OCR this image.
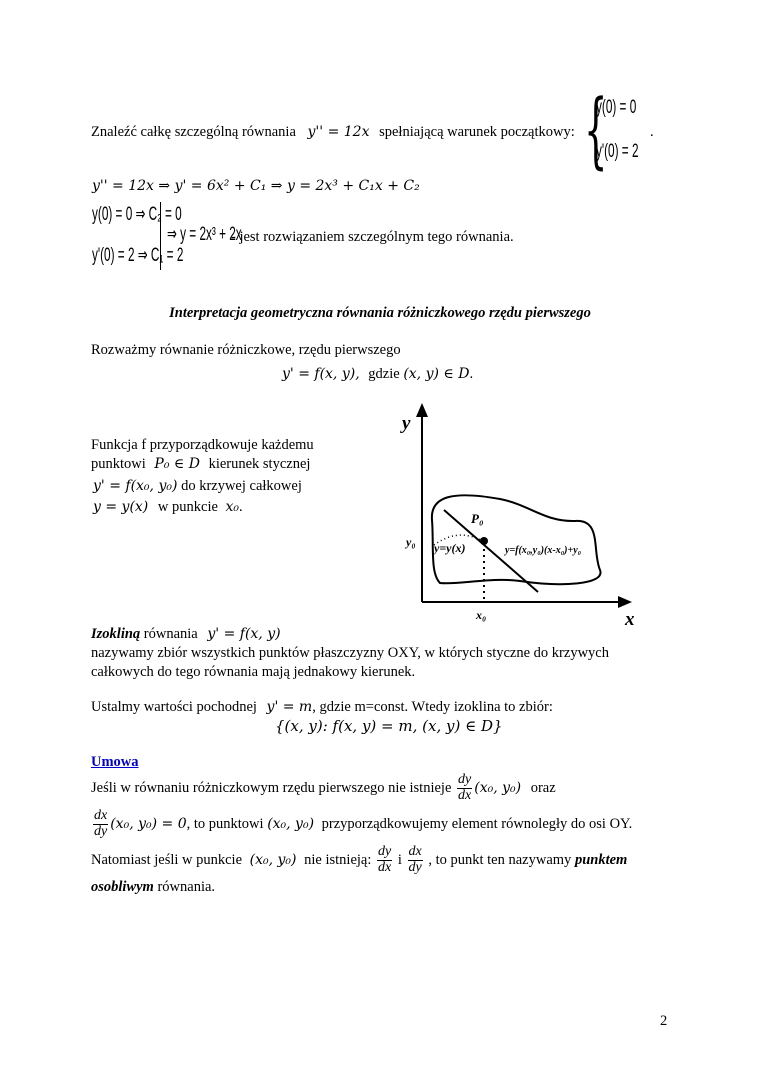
Znaleźć całkę szczególną równania y'' = 12x spełniającą warunek początkowy: {
y(0) = 0
y'(0) = 2
.
y'' = 12x ⇒ y' = 6x² + C₁ ⇒ y = 2x³ + C₁x + C₂
y(0) = 0 ⇒ C₂ = 0
y'(0) = 2 ⇒ C₁ = 2
⇒ y = 2x³ + 2x
- jest rozwiązaniem szczególnym tego równania.
Interpretacja geometryczna równania różniczkowego rzędu pierwszego
Rozważmy równanie różniczkowe, rzędu pierwszego
y' = f(x, y), gdzie (x, y) ∈ D.
Funkcja f przyporządkowuje każdemu
punktowi P₀ ∈ D kierunek stycznej
y' = f(x₀, y₀) do krzywej całkowej
y = y(x) w punkcie x₀.
y
x
P₀
y₀
x₀
y=y(x)	y=f(x₀,y₀)(x-x₀)+y₀
Izokliną równania y' = f(x, y)
nazywamy zbiór wszystkich punktów płaszczyzny OXY, w których styczne do krzywych
całkowych do tego równania mają jednakowy kierunek.
Ustalmy wartości pochodnej y' = m, gdzie m=const. Wtedy izoklina to zbiór:
{(x, y): f(x, y) = m, (x, y) ∈ D}
Umowa
Jeśli w równaniu różniczkowym rzędu pierwszego nie istnieje $\frac{dy}{dx} (x_0$, y₀) oraz
$\frac{dx}{dy} (x_0$, y₀) = 0, to punktowi (x₀, y₀) przyporządkowujemy element równoległy do osi OY.
Natomiast jeśli w punkcie (x₀, y₀) nie istnieją: $\frac{dy}{dx}$ i $\frac{dx}{dy}$ , to punkt ten nazywamy punktem
osobliwym równania.
2
